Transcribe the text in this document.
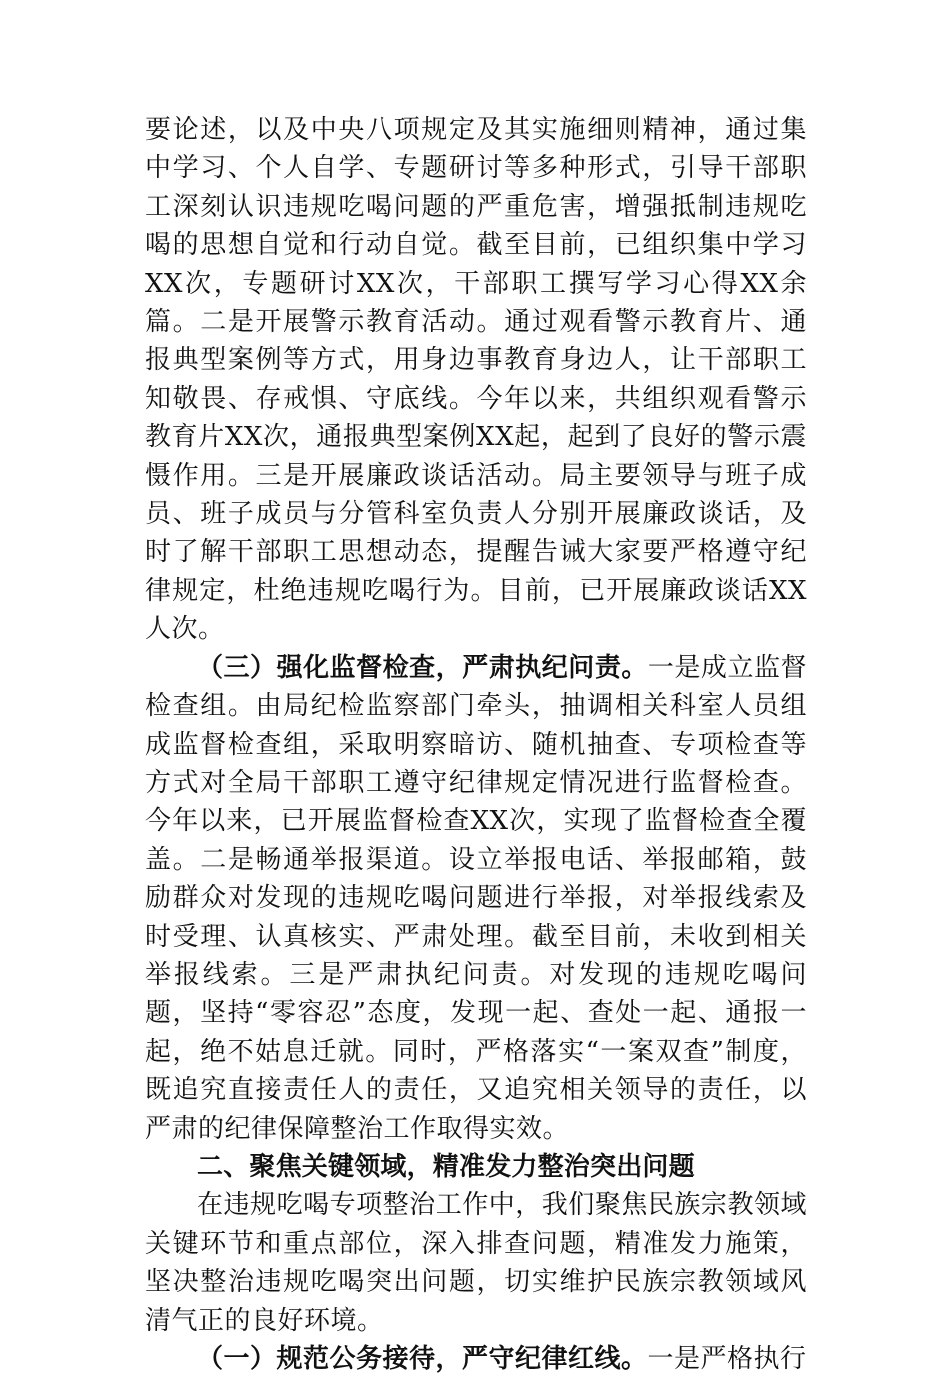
要论述，以及中央八项规定及其实施细则精神，通过集中学习、个人自学、专题研讨等多种形式，引导干部职工深刻认识违规吃喝问题的严重危害，增强抵制违规吃喝的思想自觉和行动自觉。截至目前，已组织集中学习XX次，专题研讨XX次，干部职工撰写学习心得XX余篇。二是开展警示教育活动。通过观看警示教育片、通报典型案例等方式，用身边事教育身边人，让干部职工知敬畏、存戒惧、守底线。今年以来，共组织观看警示教育片XX次，通报典型案例XX起，起到了良好的警示震慑作用。三是开展廉政谈话活动。局主要领导与班子成员、班子成员与分管科室负责人分别开展廉政谈话，及时了解干部职工思想动态，提醒告诫大家要严格遵守纪律规定，杜绝违规吃喝行为。目前，已开展廉政谈话XX人次。

（三）强化监督检查，严肃执纪问责。一是成立监督检查组。由局纪检监察部门牵头，抽调相关科室人员组成监督检查组，采取明察暗访、随机抽查、专项检查等方式对全局干部职工遵守纪律规定情况进行监督检查。今年以来，已开展监督检查XX次，实现了监督检查全覆盖。二是畅通举报渠道。设立举报电话、举报邮箱，鼓励群众对发现的违规吃喝问题进行举报，对举报线索及时受理、认真核实、严肃处理。截至目前，未收到相关举报线索。三是严肃执纪问责。对发现的违规吃喝问题，坚持“零容忍”态度，发现一起、查处一起、通报一起，绝不姑息迁就。同时，严格落实“一案双查”制度，既追究直接责任人的责任，又追究相关领导的责任，以严肃的纪律保障整治工作取得实效。

二、聚焦关键领域，精准发力整治突出问题

在违规吃喝专项整治工作中，我们聚焦民族宗教领域关键环节和重点部位，深入排查问题，精准发力施策，坚决整治违规吃喝突出问题，切实维护民族宗教领域风清气正的良好环境。

（一）规范公务接待，严守纪律红线。一是严格执行
